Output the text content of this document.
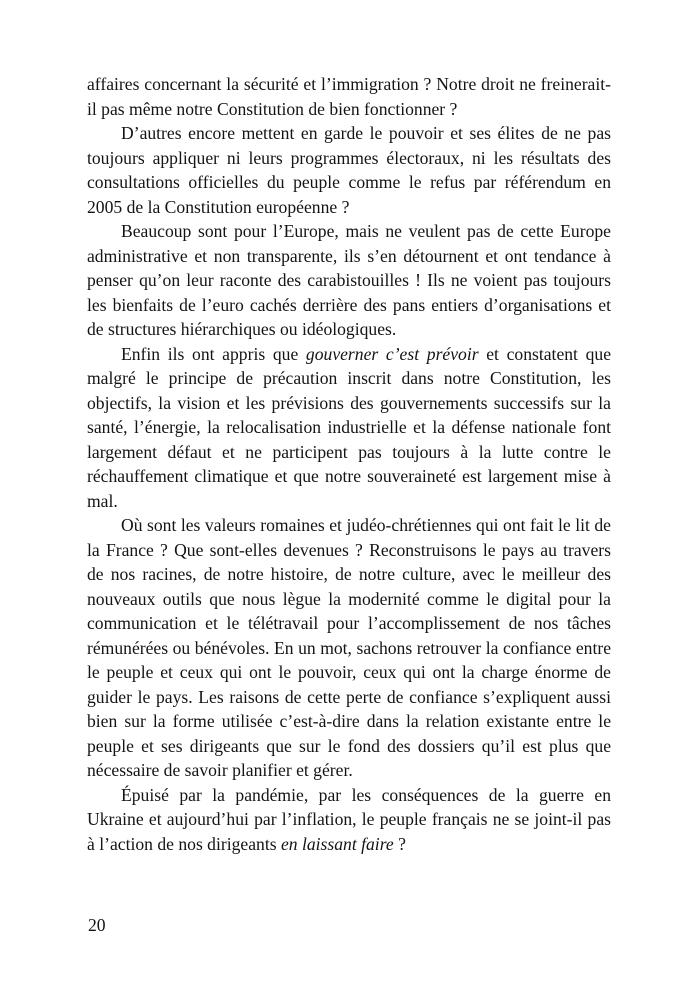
affaires concernant la sécurité et l’immigration ? Notre droit ne freinerait-il pas même notre Constitution de bien fonctionner ?

D’autres encore mettent en garde le pouvoir et ses élites de ne pas toujours appliquer ni leurs programmes électoraux, ni les résultats des consultations officielles du peuple comme le refus par référendum en 2005 de la Constitution européenne ?

Beaucoup sont pour l’Europe, mais ne veulent pas de cette Europe administrative et non transparente, ils s’en détournent et ont tendance à penser qu’on leur raconte des carabistouilles ! Ils ne voient pas toujours les bienfaits de l’euro cachés derrière des pans entiers d’organisations et de structures hiérarchiques ou idéologiques.

Enfin ils ont appris que gouverner c’est prévoir et constatent que malgré le principe de précaution inscrit dans notre Constitution, les objectifs, la vision et les prévisions des gouvernements successifs sur la santé, l’énergie, la relocalisation industrielle et la défense nationale font largement défaut et ne participent pas toujours à la lutte contre le réchauffement climatique et que notre souveraineté est largement mise à mal.

Où sont les valeurs romaines et judéo-chrétiennes qui ont fait le lit de la France ? Que sont-elles devenues ? Reconstruisons le pays au travers de nos racines, de notre histoire, de notre culture, avec le meilleur des nouveaux outils que nous lègue la modernité comme le digital pour la communication et le télétravail pour l’accomplissement de nos tâches rémunérées ou bénévoles. En un mot, sachons retrouver la confiance entre le peuple et ceux qui ont le pouvoir, ceux qui ont la charge énorme de guider le pays. Les raisons de cette perte de confiance s’expliquent aussi bien sur la forme utilisée c’est-à-dire dans la relation existante entre le peuple et ses dirigeants que sur le fond des dossiers qu’il est plus que nécessaire de savoir planifier et gérer.

Épuisé par la pandémie, par les conséquences de la guerre en Ukraine et aujourd’hui par l’inflation, le peuple français ne se joint-il pas à l’action de nos dirigeants en laissant faire ?

20
